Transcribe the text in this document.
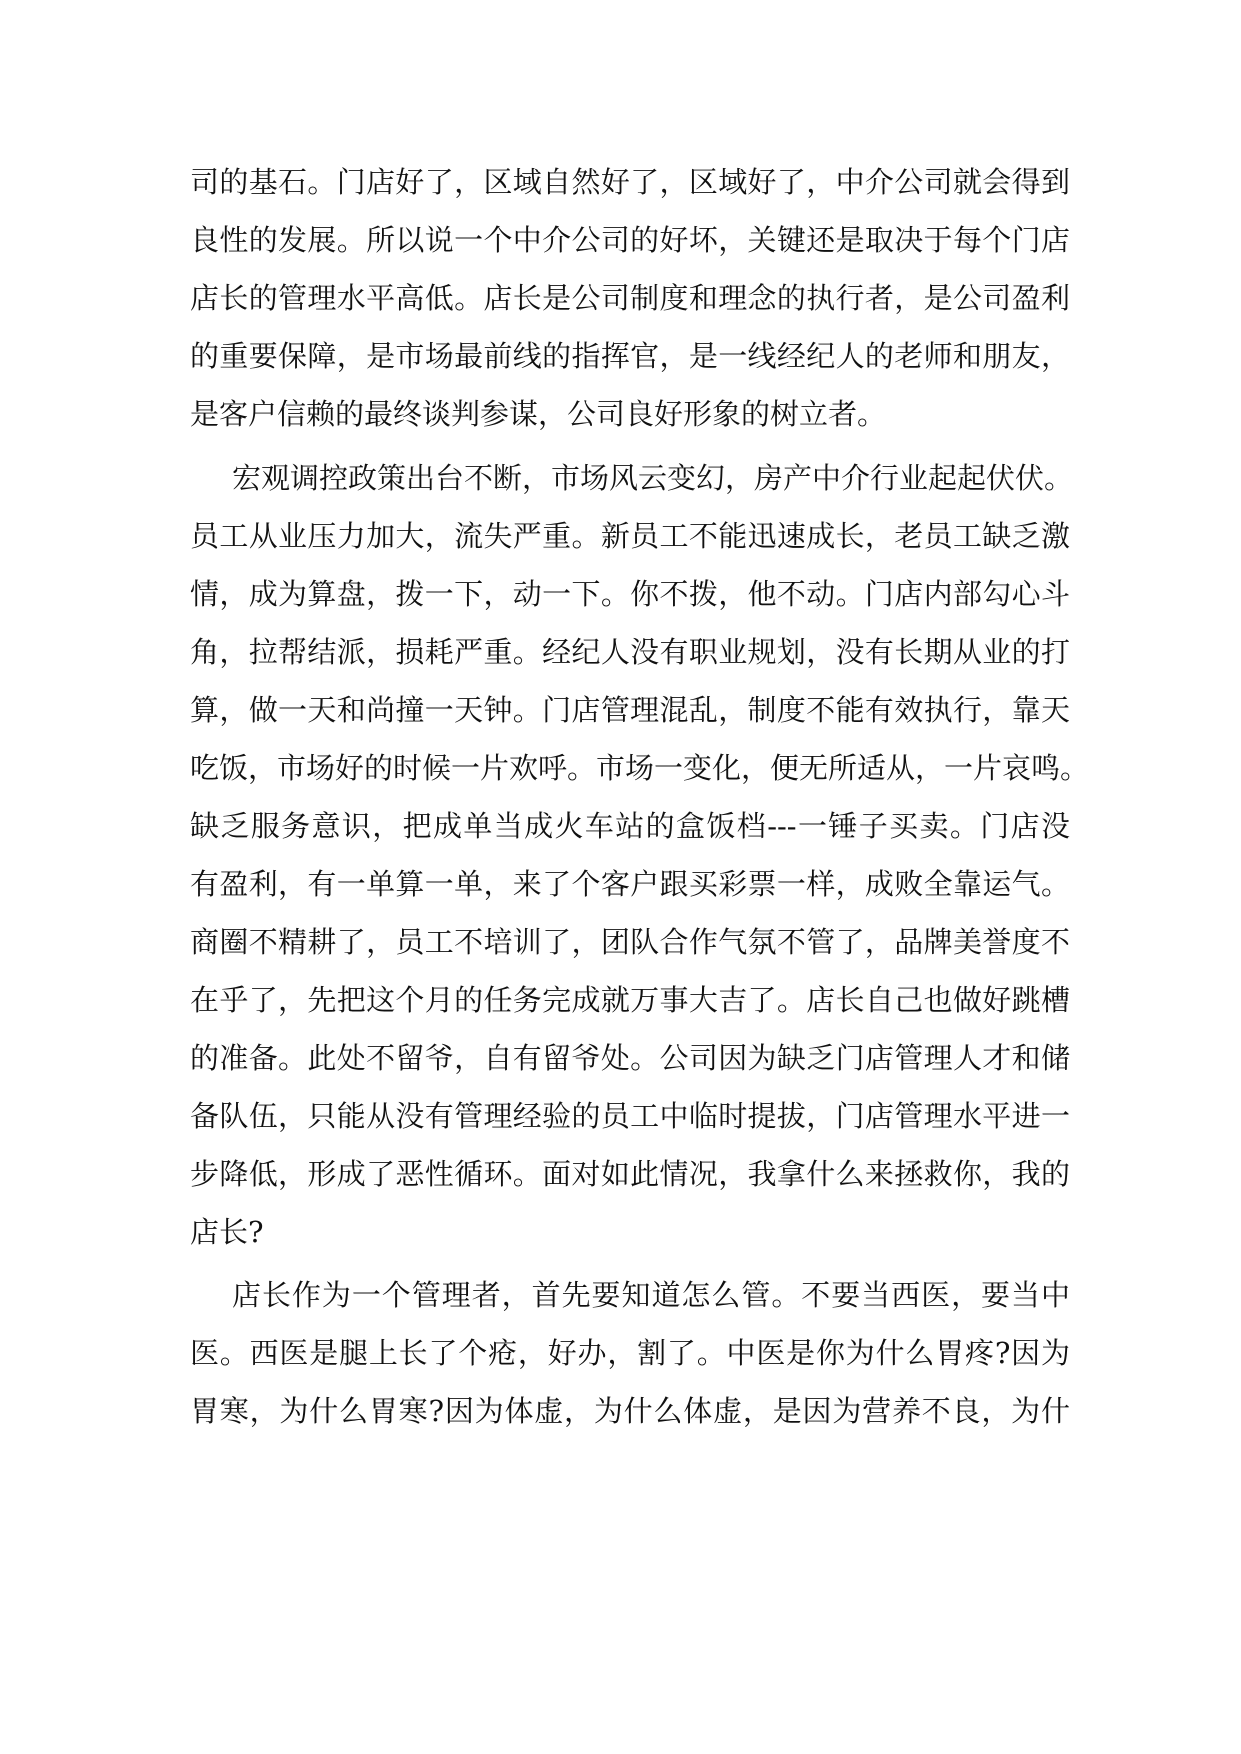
司的基石。门店好了，区域自然好了，区域好了，中介公司就会得到
良性的发展。所以说一个中介公司的好坏，关键还是取决于每个门店
店长的管理水平高低。店长是公司制度和理念的执行者，是公司盈利
的重要保障，是市场最前线的指挥官，是一线经纪人的老师和朋友，
是客户信赖的最终谈判参谋，公司良好形象的树立者。
宏观调控政策出台不断，市场风云变幻，房产中介行业起起伏伏。
员工从业压力加大，流失严重。新员工不能迅速成长，老员工缺乏激
情，成为算盘，拨一下，动一下。你不拨，他不动。门店内部勾心斗
角，拉帮结派，损耗严重。经纪人没有职业规划，没有长期从业的打
算，做一天和尚撞一天钟。门店管理混乱，制度不能有效执行，靠天
吃饭，市场好的时候一片欢呼。市场一变化，便无所适从，一片哀鸣。
缺乏服务意识，把成单当成火车站的盒饭档---一锤子买卖。门店没
有盈利，有一单算一单，来了个客户跟买彩票一样，成败全靠运气。
商圈不精耕了，员工不培训了，团队合作气氛不管了，品牌美誉度不
在乎了，先把这个月的任务完成就万事大吉了。店长自己也做好跳槽
的准备。此处不留爷，自有留爷处。公司因为缺乏门店管理人才和储
备队伍，只能从没有管理经验的员工中临时提拔，门店管理水平进一
步降低，形成了恶性循环。面对如此情况，我拿什么来拯救你，我的
店长?
店长作为一个管理者，首先要知道怎么管。不要当西医，要当中
医。西医是腿上长了个疮，好办，割了。中医是你为什么胃疼?因为
胃寒，为什么胃寒?因为体虚，为什么体虚，是因为营养不良，为什
